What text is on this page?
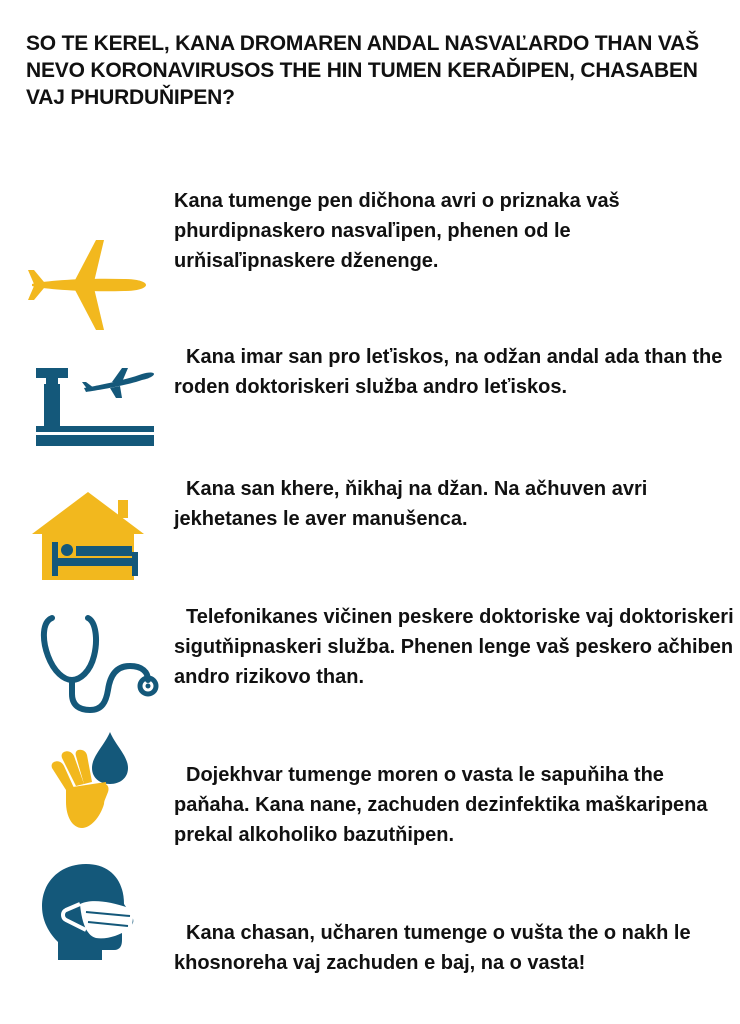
SO TE KEREL, KANA DROMAREN ANDAL NASVAĽARDO THAN VAŠ NEVO KORONAVIRUSOS THE HIN TUMEN KERAĎIPEN, CHASABEN VAJ PHURDUŇIPEN?
Kana tumenge pen dičhona avri o priznaka vaš phurdipnaskero nasvaľipen, phenen od le urňisaľipnaskere dženenge.
Kana imar san pro leťiskos, na odžan andal ada than the roden doktoriskeri služba andro leťiskos.
Kana san khere, ňikhaj na džan. Na ačhuven avri jekhetanes le aver manušenca.
Telefonikanes vičinen peskere doktoriske vaj doktoriskeri sigutňipnaskeri služba. Phenen lenge vaš peskero ačhiben andro rizikovo than.
Dojekhvar tumenge moren o vasta le sapuňiha the paňaha. Kana nane, zachuden dezinfektika maškaripena prekal alkoholiko bazutňipen.
Kana chasan, učharen tumenge o vušta the o nakh le khosnoreha vaj zachuden e baj, na o vasta!
